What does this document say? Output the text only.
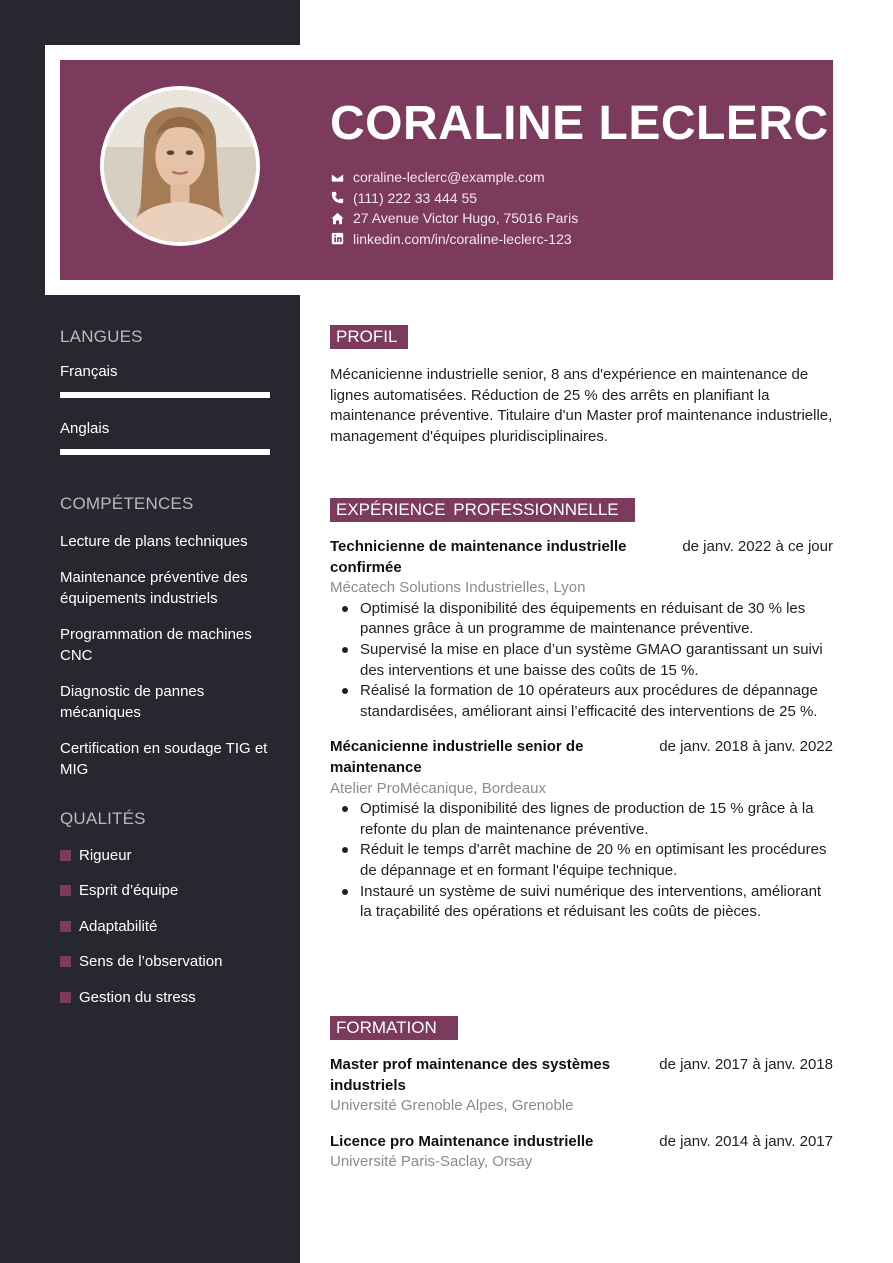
CORALINE LECLERC
coraline-leclerc@example.com
(111) 222 33 444 55
27 Avenue Victor Hugo, 75016 Paris
linkedin.com/in/coraline-leclerc-123
LANGUES
Français
Anglais
COMPÉTENCES
Lecture de plans techniques
Maintenance préventive des équipements industriels
Programmation de machines CNC
Diagnostic de pannes mécaniques
Certification en soudage TIG et MIG
QUALITÉS
Rigueur
Esprit d’équipe
Adaptabilité
Sens de l’observation
Gestion du stress
PROFIL
Mécanicienne industrielle senior, 8 ans d'expérience en maintenance de lignes automatisées. Réduction de 25 % des arrêts en planifiant la maintenance préventive. Titulaire d'un Master prof maintenance industrielle, management d'équipes pluridisciplinaires.
EXPÉRIENCE PROFESSIONNELLE
Technicienne de maintenance industrielle confirmée
de janv. 2022 à ce jour
Mécatech Solutions Industrielles, Lyon
Optimisé la disponibilité des équipements en réduisant de 30 % les pannes grâce à un programme de maintenance préventive.
Supervisé la mise en place d’un système GMAO garantissant un suivi des interventions et une baisse des coûts de 15 %.
Réalisé la formation de 10 opérateurs aux procédures de dépannage standardisées, améliorant ainsi l’efficacité des interventions de 25 %.
Mécanicienne industrielle senior de maintenance
de janv. 2018 à janv. 2022
Atelier ProMécanique, Bordeaux
Optimisé la disponibilité des lignes de production de 15 % grâce à la refonte du plan de maintenance préventive.
Réduit le temps d'arrêt machine de 20 % en optimisant les procédures de dépannage et en formant l'équipe technique.
Instauré un système de suivi numérique des interventions, améliorant la traçabilité des opérations et réduisant les coûts de pièces.
FORMATION
Master prof maintenance des systèmes industriels
de janv. 2017 à janv. 2018
Université Grenoble Alpes, Grenoble
Licence pro Maintenance industrielle	de janv. 2014 à janv. 2017
Université Paris-Saclay, Orsay
